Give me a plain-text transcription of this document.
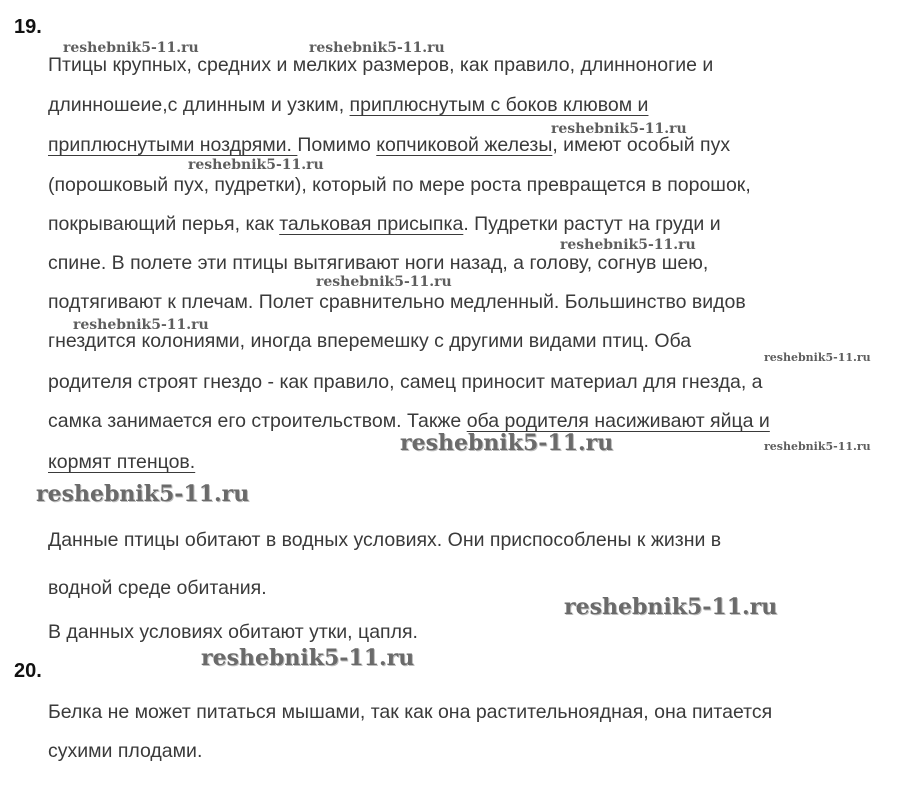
19.
Птицы крупных, средних и мелких размеров, как правило, длинноногие и
длинношеие,с длинным и узким, приплюснутым с боков клювом и
приплюснутыми ноздрями. Помимо копчиковой железы, имеют особый пух
(порошковый пух, пудретки), который по мере роста превращется в порошок,
покрывающий перья, как тальковая присыпка. Пудретки растут на груди и
спине. В полете эти птицы вытягивают ноги назад, а голову, согнув шею,
подтягивают к плечам. Полет сравнительно медленный. Большинство видов
гнездится колониями, иногда вперемешку с другими видами птиц. Оба
родителя строят гнездо - как правило, самец приносит материал для гнезда, а
самка занимается его строительством. Также оба родителя насиживают яйца и
кормят птенцов.
Данные птицы обитают в водных условиях. Они приспособлены к жизни в
водной среде обитания.
В данных условиях обитают утки, цапля.
20.
Белка не может питаться мышами, так как она растительноядная, она питается
сухими плодами.
reshebnik5-11.ru	reshebnik5-11.ru
reshebnik5-11.ru
reshebnik5-11.ru
reshebnik5-11.ru
reshebnik5-11.ru
reshebnik5-11.ru
reshebnik5-11.ru
reshebnik5-11.ru	reshebnik5-11.ru
reshebnik5-11.ru
reshebnik5-11.ru
reshebnik5-11.ru
